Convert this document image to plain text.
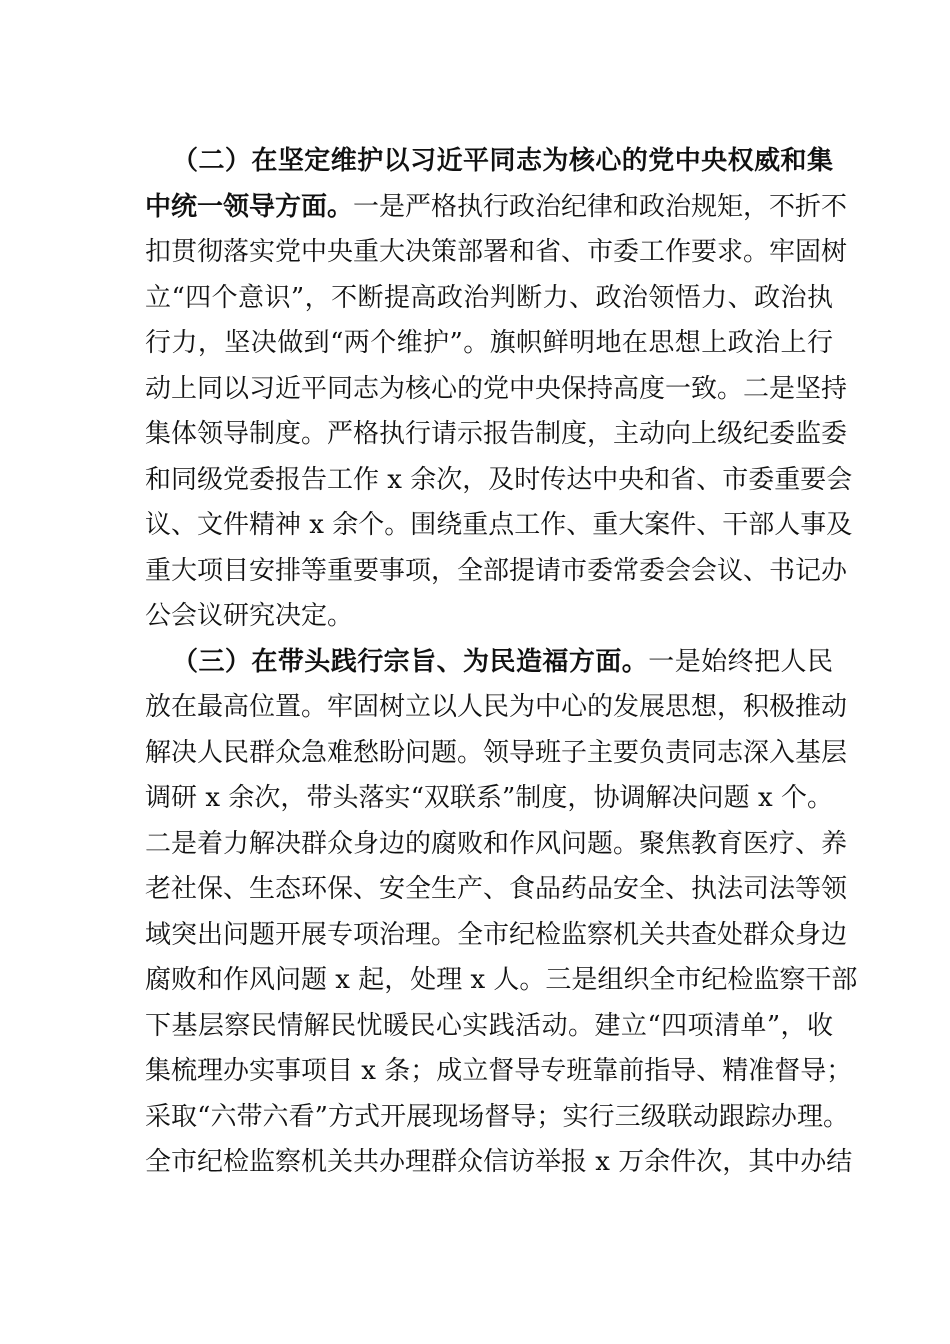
（二）在坚定维护以习近平同志为核心的党中央权威和集
中统一领导方面。一是严格执行政治纪律和政治规矩，不折不
扣贯彻落实党中央重大决策部署和省、市委工作要求。牢固树
立“四个意识”，不断提高政治判断力、政治领悟力、政治执
行力，坚决做到“两个维护”。旗帜鲜明地在思想上政治上行
动上同以习近平同志为核心的党中央保持高度一致。二是坚持
集体领导制度。严格执行请示报告制度，主动向上级纪委监委
和同级党委报告工作 x 余次，及时传达中央和省、市委重要会
议、文件精神 x 余个。围绕重点工作、重大案件、干部人事及
重大项目安排等重要事项，全部提请市委常委会会议、书记办
公会议研究决定。
（三）在带头践行宗旨、为民造福方面。一是始终把人民
放在最高位置。牢固树立以人民为中心的发展思想，积极推动
解决人民群众急难愁盼问题。领导班子主要负责同志深入基层
调研 x 余次，带头落实“双联系”制度，协调解决问题 x 个。
二是着力解决群众身边的腐败和作风问题。聚焦教育医疗、养
老社保、生态环保、安全生产、食品药品安全、执法司法等领
域突出问题开展专项治理。全市纪检监察机关共查处群众身边
腐败和作风问题 x 起，处理 x 人。三是组织全市纪检监察干部
下基层察民情解民忧暖民心实践活动。建立“四项清单”，收
集梳理办实事项目 x 条；成立督导专班靠前指导、精准督导；
采取“六带六看”方式开展现场督导；实行三级联动跟踪办理。
全市纪检监察机关共办理群众信访举报 x 万余件次，其中办结
